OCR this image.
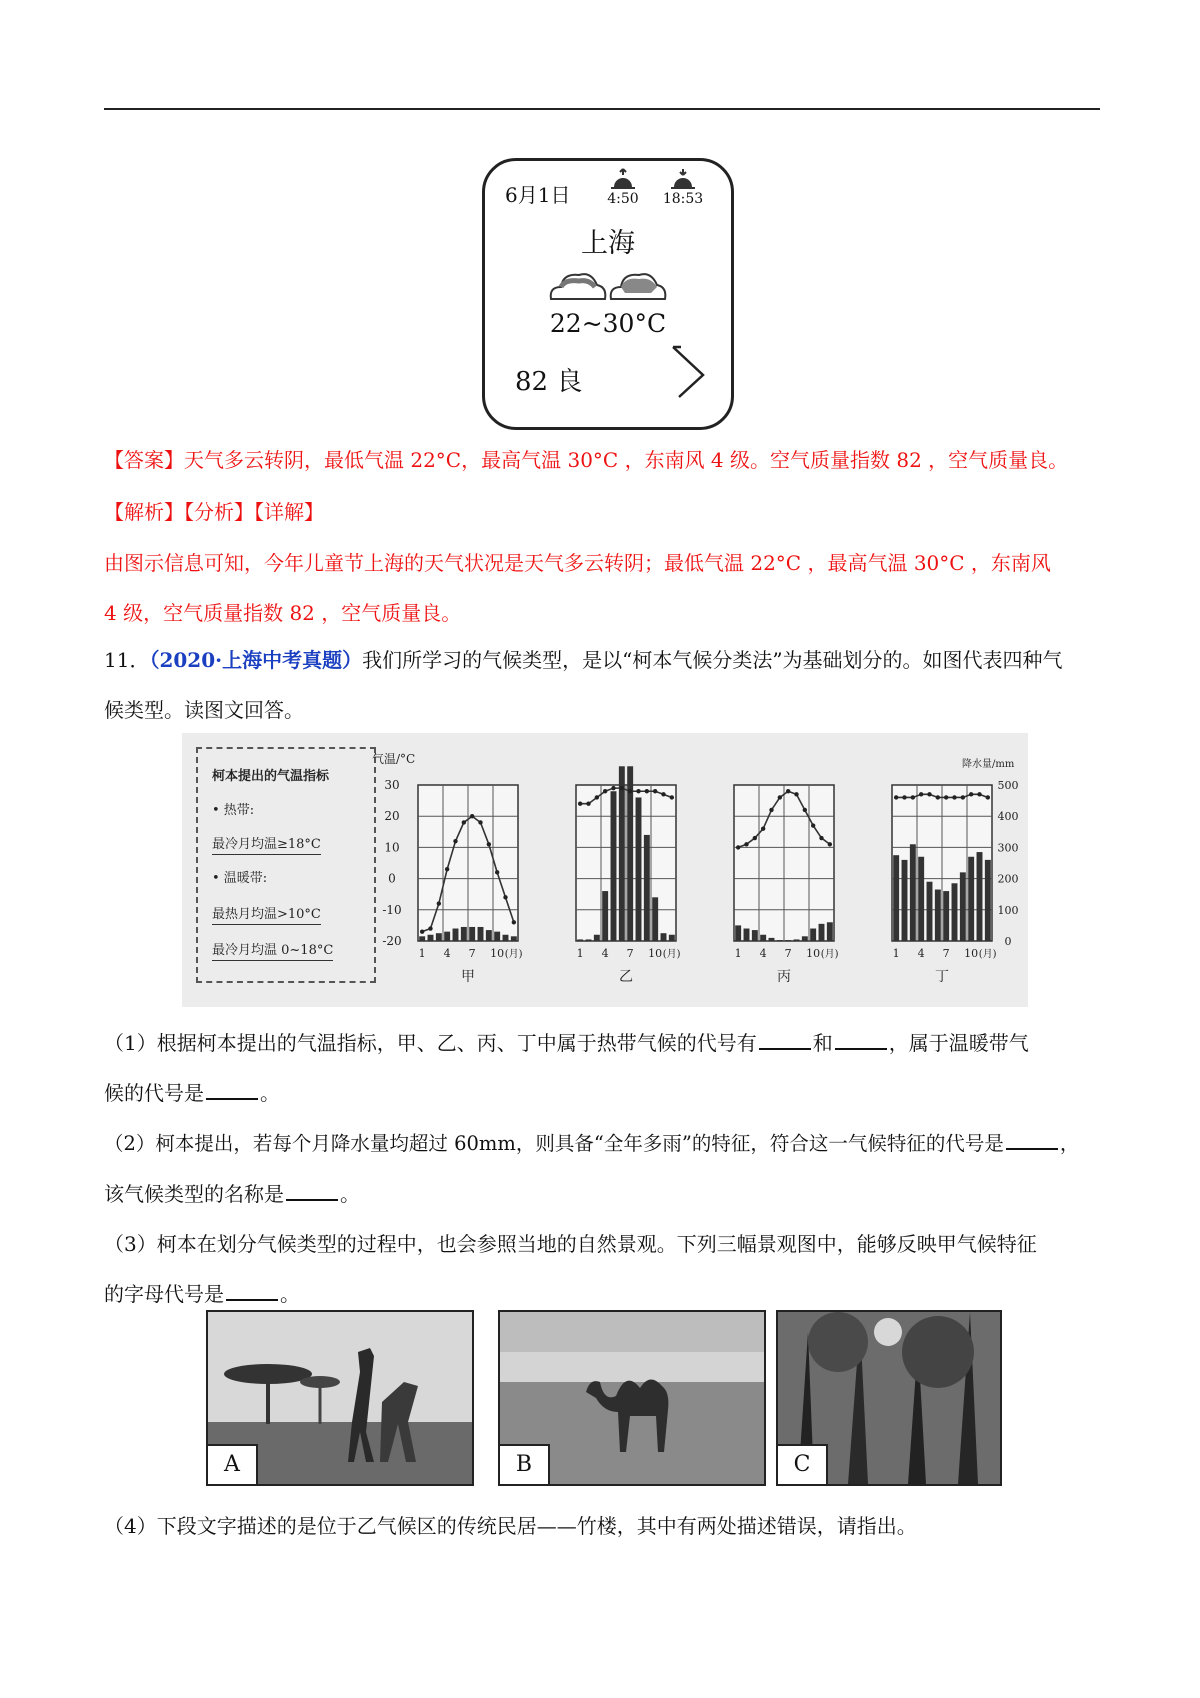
6月1日	4:50	18:53
上海
22~30°C
82 良
【答案】天气多云转阴，最低气温 22°C，最高气温 30°C ，东南风 4 级。空气质量指数 82 ，空气质量良。
【解析】【分析】【详解】
由图示信息可知，今年儿童节上海的天气状况是天气多云转阴；最低气温 22°C ，最高气温 30°C ，东南风
4 级，空气质量指数 82 ，空气质量良。
11．（2020·上海中考真题）我们所学习的气候类型，是以“柯本气候分类法”为基础划分的。如图代表四种气
候类型。读图文回答。
柯本提出的气温指标
• 热带:
最冷月均温≥18°C
• 温暖带:
最热月均温>10°C
最冷月均温 0~18°C
气温/°C
30
20
10
0
-10
-20
降水量/mm
500
400
300
200
100
0
1 4 7 10 (月)
甲
1 4 7 10 (月)
乙
1 4 7 10 (月)
丙
1 4 7 10 (月)
丁
（1）根据柯本提出的气温指标，甲、乙、丙、丁中属于热带气候的代号有	和	，属于温暖带气
候的代号是	。
（2）柯本提出，若每个月降水量均超过 60mm，则具备“全年多雨”的特征，符合这一气候特征的代号是	，
该气候类型的名称是	。
（3）柯本在划分气候类型的过程中，也会参照当地的自然景观。下列三幅景观图中，能够反映甲气候特征
的字母代号是	。
A	B	C
（4）下段文字描述的是位于乙气候区的传统民居——竹楼，其中有两处描述错误，请指出。
